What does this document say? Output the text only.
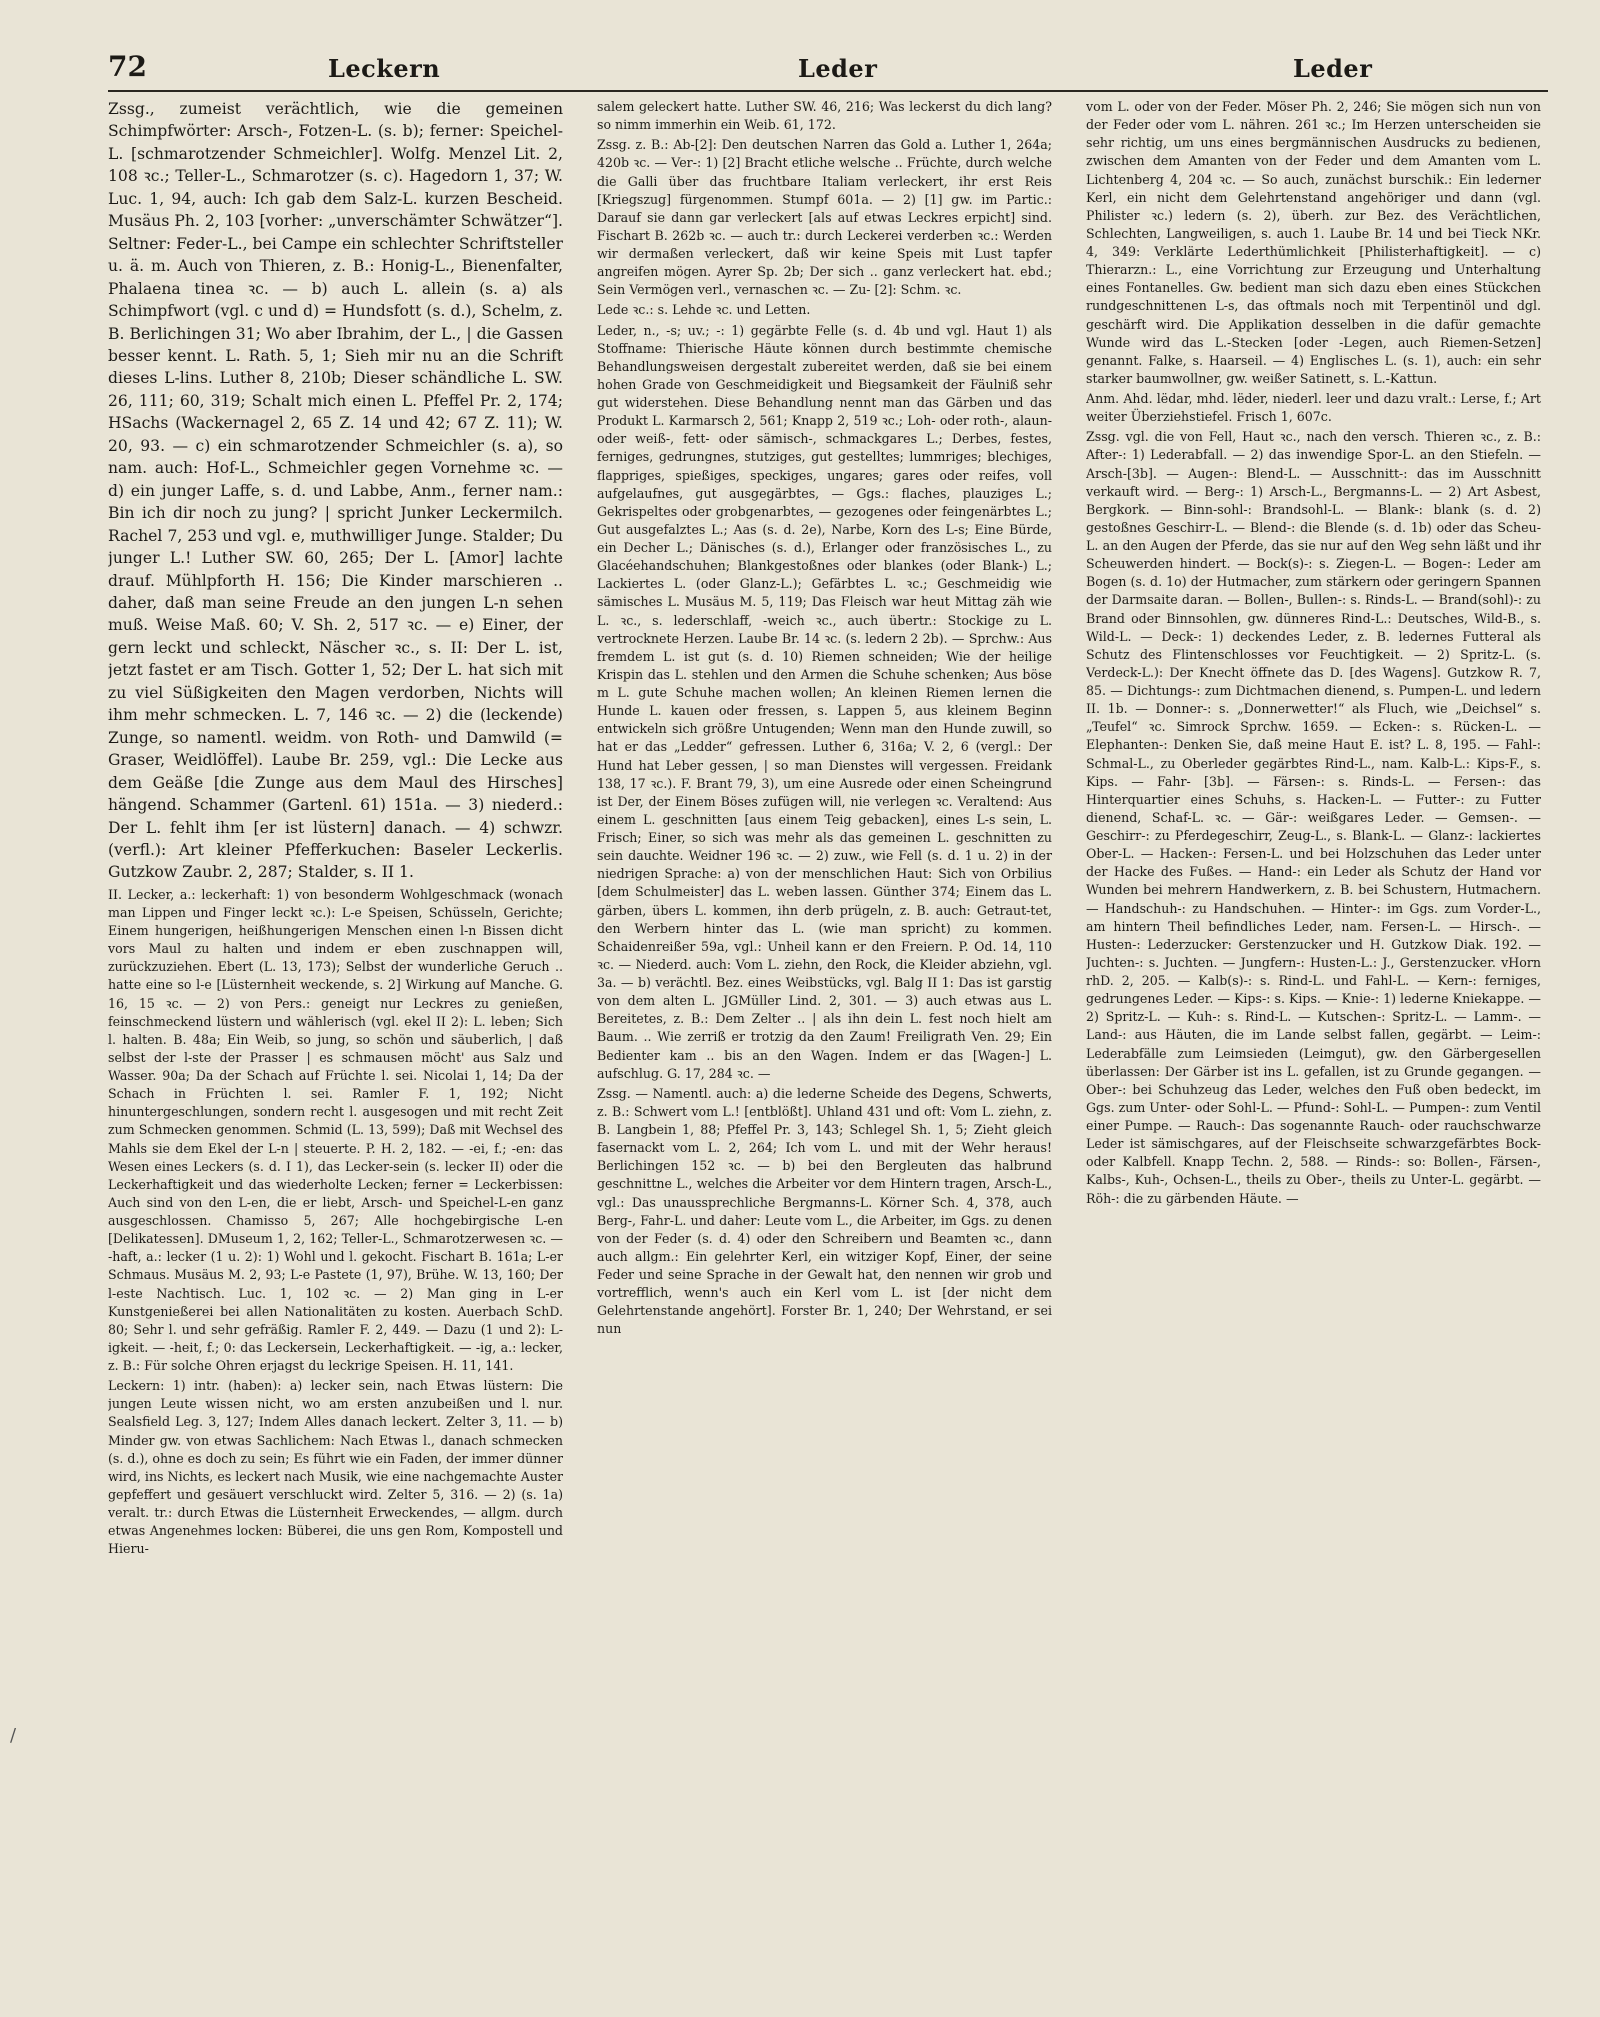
72	Leckern	Leder	Leder

Zssg., zumeist verächtlich, wie die gemeinen Schimpfwörter: Arsch-, Fotzen-L. (s. b); ferner: Speichel-L. [schmarotzender Schmeichler]. Wolfg. Menzel Lit. 2, 108 ꝛc.; Teller-L., Schmarotzer (s. c). Hagedorn 1, 37; W. Luc. 1, 94, auch: Ich gab dem Salz-L. kurzen Bescheid. Musäus Ph. 2, 103 [vorher: „unverschämter Schwätzer“]. Seltner: Feder-L., bei Campe ein schlechter Schriftsteller u. ä. m. Auch von Thieren, z. B.: Honig-L., Bienenfalter, Phalaena tinea ꝛc. — b) auch L. allein (s. a) als Schimpfwort (vgl. c und d) = Hundsfott (s. d.), Schelm, z. B. Berlichingen 31; Wo aber Ibrahim, der L., | die Gassen besser kennt. L. Rath. 5, 1; Sieh mir nu an die Schrift dieses L-lins. Luther 8, 210b; Dieser schändliche L. SW. 26, 111; 60, 319; Schalt mich einen L. Pfeffel Pr. 2, 174; HSachs (Wackernagel 2, 65 Z. 14 und 42; 67 Z. 11); W. 20, 93. — c) ein schmarotzender Schmeichler (s. a), so nam. auch: Hof-L., Schmeichler gegen Vornehme ꝛc. — d) ein junger Laffe, s. d. und Labbe, Anm., ferner nam.: Bin ich dir noch zu jung? | spricht Junker Leckermilch. Rachel 7, 253 und vgl. e, muthwilliger Junge. Stalder; Du junger L.! Luther SW. 60, 265; Der L. [Amor] lachte drauf. Mühlpforth H. 156; Die Kinder marschieren .. daher, daß man seine Freude an den jungen L-n sehen muß. Weise Maß. 60; V. Sh. 2, 517 ꝛc. — e) Einer, der gern leckt und schleckt, Näscher ꝛc., s. II: Der L. ist, jetzt fastet er am Tisch. Gotter 1, 52; Der L. hat sich mit zu viel Süßigkeiten den Magen verdorben, Nichts will ihm mehr schmecken. L. 7, 146 ꝛc. — 2) die (leckende) Zunge, so namentl. weidm. von Roth- und Damwild (= Graser, Weidlöffel). Laube Br. 259, vgl.: Die Lecke aus dem Geäße [die Zunge aus dem Maul des Hirsches] hängend. Schammer (Gartenl. 61) 151a. — 3) niederd.: Der L. fehlt ihm [er ist lüstern] danach. — 4) schwzr. (verfl.): Art kleiner Pfefferkuchen: Baseler Leckerlis. Gutzkow Zaubr. 2, 287; Stalder, s. II 1.

II. Lecker, a.: leckerhaft: 1) von besonderm Wohlgeschmack (wonach man Lippen und Finger leckt ꝛc.): L-e Speisen, Schüsseln, Gerichte; Einem hungerigen, heißhungerigen Menschen einen l-n Bissen dicht vors Maul zu halten und indem er eben zuschnappen will, zurückzuziehen. Ebert (L. 13, 173); Selbst der wunderliche Geruch .. hatte eine so l-e [Lüsternheit weckende, s. 2] Wirkung auf Manche. G. 16, 15 ꝛc. — 2) von Pers.: geneigt nur Leckres zu genießen, feinschmeckend lüstern und wählerisch (vgl. ekel II 2): L. leben; Sich l. halten. B. 48a; Ein Weib, so jung, so schön und säuberlich, | daß selbst der l-ste der Prasser | es schmausen möcht' aus Salz und Wasser. 90a; Da der Schach auf Früchte l. sei. Nicolai 1, 14; Da der Schach in Früchten l. sei. Ramler F. 1, 192; Nicht hinuntergeschlungen, sondern recht l. ausgesogen und mit recht Zeit zum Schmecken genommen. Schmid (L. 13, 599); Daß mit Wechsel des Mahls sie dem Ekel der L-n | steuerte. P. H. 2, 182. — -ei, f.; -en: das Wesen eines Leckers (s. d. I 1), das Lecker-sein (s. lecker II) oder die Leckerhaftigkeit und das wiederholte Lecken; ferner = Leckerbissen: Auch sind von den L-en, die er liebt, Arsch- und Speichel-L-en ganz ausgeschlossen. Chamisso 5, 267; Alle hochgebirgische L-en [Delikatessen]. DMuseum 1, 2, 162; Teller-L., Schmarotzerwesen ꝛc. — -haft, a.: lecker (1 u. 2): 1) Wohl und l. gekocht. Fischart B. 161a; L-er Schmaus. Musäus M. 2, 93; L-e Pastete (1, 97), Brühe. W. 13, 160; Der l-este Nachtisch. Luc. 1, 102 ꝛc. — 2) Man ging in L-er Kunstgenießerei bei allen Nationalitäten zu kosten. Auerbach SchD. 80; Sehr l. und sehr gefräßig. Ramler F. 2, 449. — Dazu (1 und 2): L-igkeit. — -heit, f.; 0: das Leckersein, Leckerhaftigkeit. — -ig, a.: lecker, z. B.: Für solche Ohren erjagst du leckrige Speisen. H. 11, 141.

Leckern: 1) intr. (haben): a) lecker sein, nach Etwas lüstern: Die jungen Leute wissen nicht, wo am ersten anzubeißen und l. nur. Sealsfield Leg. 3, 127; Indem Alles danach leckert. Zelter 3, 11. — b) Minder gw. von etwas Sachlichem: Nach Etwas l., danach schmecken (s. d.), ohne es doch zu sein; Es führt wie ein Faden, der immer dünner wird, ins Nichts, es leckert nach Musik, wie eine nachgemachte Auster gepfeffert und gesäuert verschluckt wird. Zelter 5, 316. — 2) (s. 1a) veralt. tr.: durch Etwas die Lüsternheit Erweckendes, — allgm. durch etwas Angenehmes locken: Büberei, die uns gen Rom, Kompostell und Hieru-

salem geleckert hatte. Luther SW. 46, 216; Was leckerst du dich lang? so nimm immerhin ein Weib. 61, 172.

Zssg. z. B.: Ab-[2]: Den deutschen Narren das Gold a. Luther 1, 264a; 420b ꝛc. — Ver-: 1) [2] Bracht etliche welsche .. Früchte, durch welche die Galli über das fruchtbare Italiam verleckert, ihr erst Reis [Kriegszug] fürgenommen. Stumpf 601a. — 2) [1] gw. im Partic.: Darauf sie dann gar verleckert [als auf etwas Leckres erpicht] sind. Fischart B. 262b ꝛc. — auch tr.: durch Leckerei verderben ꝛc.: Werden wir dermaßen verleckert, daß wir keine Speis mit Lust tapfer angreifen mögen. Ayrer Sp. 2b; Der sich .. ganz verleckert hat. ebd.; Sein Vermögen verl., vernaschen ꝛc. — Zu- [2]: Schm. ꝛc.

Lede ꝛc.: s. Lehde ꝛc. und Letten.

Leder, n., -s; uv.; -: 1) gegärbte Felle (s. d. 4b und vgl. Haut 1) als Stoffname: Thierische Häute können durch bestimmte chemische Behandlungsweisen dergestalt zubereitet werden, daß sie bei einem hohen Grade von Geschmeidigkeit und Biegsamkeit der Fäulniß sehr gut widerstehen. Diese Behandlung nennt man das Gärben und das Produkt L. Karmarsch 2, 561; Knapp 2, 519 ꝛc.; Loh- oder roth-, alaun- oder weiß-, fett- oder sämisch-, schmackgares L.; Derbes, festes, ferniges, gedrungnes, stutziges, gut gestelltes; lummriges; blechiges, flappriges, spießiges, speckiges, ungares; gares oder reifes, voll aufgelaufnes, gut ausgegärbtes, — Ggs.: flaches, plauziges L.; Gekrispeltes oder grobgenarbtes, — gezogenes oder feingenärbtes L.; Gut ausgefalztes L.; Aas (s. d. 2e), Narbe, Korn des L-s; Eine Bürde, ein Decher L.; Dänisches (s. d.), Erlanger oder französisches L., zu Glacéehandschuhen; Blankgestoßnes oder blankes (oder Blank-) L.; Lackiertes L. (oder Glanz-L.); Gefärbtes L. ꝛc.; Geschmeidig wie sämisches L. Musäus M. 5, 119; Das Fleisch war heut Mittag zäh wie L. ꝛc., s. lederschlaff, -weich ꝛc., auch übertr.: Stockige zu L. vertrocknete Herzen. Laube Br. 14 ꝛc. (s. ledern 2 2b). — Sprchw.: Aus fremdem L. ist gut (s. d. 10) Riemen schneiden; Wie der heilige Krispin das L. stehlen und den Armen die Schuhe schenken; Aus böse m L. gute Schuhe machen wollen; An kleinen Riemen lernen die Hunde L. kauen oder fressen, s. Lappen 5, aus kleinem Beginn entwickeln sich größre Untugenden; Wenn man den Hunde zuwill, so hat er das „Ledder“ gefressen. Luther 6, 316a; V. 2, 6 (vergl.: Der Hund hat Leber gessen, | so man Dienstes will vergessen. Freidank 138, 17 ꝛc.). F. Brant 79, 3), um eine Ausrede oder einen Scheingrund ist Der, der Einem Böses zufügen will, nie verlegen ꝛc. Veraltend: Aus einem L. geschnitten [aus einem Teig gebacken], eines L-s sein, L. Frisch; Einer, so sich was mehr als das gemeinen L. geschnitten zu sein dauchte. Weidner 196 ꝛc. — 2) zuw., wie Fell (s. d. 1 u. 2) in der niedrigen Sprache: a) von der menschlichen Haut: Sich von Orbilius [dem Schulmeister] das L. weben lassen. Günther 374; Einem das L. gärben, übers L. kommen, ihn derb prügeln, z. B. auch: Getraut-tet, den Werbern hinter das L. (wie man spricht) zu kommen. Schaidenreißer 59a, vgl.: Unheil kann er den Freiern. P. Od. 14, 110 ꝛc. — Niederd. auch: Vom L. ziehn, den Rock, die Kleider abziehn, vgl. 3a. — b) verächtl. Bez. eines Weibstücks, vgl. Balg II 1: Das ist garstig von dem alten L. JGMüller Lind. 2, 301. — 3) auch etwas aus L. Bereitetes, z. B.: Dem Zelter .. | als ihn dein L. fest noch hielt am Baum. .. Wie zerriß er trotzig da den Zaum! Freiligrath Ven. 29; Ein Bedienter kam .. bis an den Wagen. Indem er das [Wagen-] L. aufschlug. G. 17, 284 ꝛc. —

Zssg. — Namentl. auch: a) die lederne Scheide des Degens, Schwerts, z. B.: Schwert vom L.! [entblößt]. Uhland 431 und oft: Vom L. ziehn, z. B. Langbein 1, 88; Pfeffel Pr. 3, 143; Schlegel Sh. 1, 5; Zieht gleich fasernackt vom L. 2, 264; Ich vom L. und mit der Wehr heraus! Berlichingen 152 ꝛc. — b) bei den Bergleuten das halbrund geschnittne L., welches die Arbeiter vor dem Hintern tragen, Arsch-L., vgl.: Das unaussprechliche Bergmanns-L. Körner Sch. 4, 378, auch Berg-, Fahr-L. und daher: Leute vom L., die Arbeiter, im Ggs. zu denen von der Feder (s. d. 4) oder den Schreibern und Beamten ꝛc., dann auch allgm.: Ein gelehrter Kerl, ein witziger Kopf, Einer, der seine Feder und seine Sprache in der Gewalt hat, den nennen wir grob und vortrefflich, wenn's auch ein Kerl vom L. ist [der nicht dem Gelehrtenstande angehört]. Forster Br. 1, 240; Der Wehrstand, er sei nun

vom L. oder von der Feder. Möser Ph. 2, 246; Sie mögen sich nun von der Feder oder vom L. nähren. 261 ꝛc.; Im Herzen unterscheiden sie sehr richtig, um uns eines bergmännischen Ausdrucks zu bedienen, zwischen dem Amanten von der Feder und dem Amanten vom L. Lichtenberg 4, 204 ꝛc. — So auch, zunächst burschik.: Ein lederner Kerl, ein nicht dem Gelehrtenstand angehöriger und dann (vgl. Philister ꝛc.) ledern (s. 2), überh. zur Bez. des Verächtlichen, Schlechten, Langweiligen, s. auch 1. Laube Br. 14 und bei Tieck NKr. 4, 349: Verklärte Lederthümlichkeit [Philisterhaftigkeit]. — c) Thierarzn.: L., eine Vorrichtung zur Erzeugung und Unterhaltung eines Fontanelles. Gw. bedient man sich dazu eben eines Stückchen rundgeschnittenen L-s, das oftmals noch mit Terpentinöl und dgl. geschärft wird. Die Applikation desselben in die dafür gemachte Wunde wird das L.-Stecken [oder -Legen, auch Riemen-Setzen] genannt. Falke, s. Haarseil. — 4) Englisches L. (s. 1), auch: ein sehr starker baumwollner, gw. weißer Satinett, s. L.-Kattun.

Anm. Ahd. lëdar, mhd. lëder, niederl. leer und dazu vralt.: Lerse, f.; Art weiter Überziehstiefel. Frisch 1, 607c.

Zssg. vgl. die von Fell, Haut ꝛc., nach den versch. Thieren ꝛc., z. B.: After-: 1) Lederabfall. — 2) das inwendige Spor-L. an den Stiefeln. — Arsch-[3b]. — Augen-: Blend-L. — Ausschnitt-: das im Ausschnitt verkauft wird. — Berg-: 1) Arsch-L., Bergmanns-L. — 2) Art Asbest, Bergkork. — Binn-sohl-: Brandsohl-L. — Blank-: blank (s. d. 2) gestoßnes Geschirr-L. — Blend-: die Blende (s. d. 1b) oder das Scheu-L. an den Augen der Pferde, das sie nur auf den Weg sehn läßt und ihr Scheuwerden hindert. — Bock(s)-: s. Ziegen-L. — Bogen-: Leder am Bogen (s. d. 1o) der Hutmacher, zum stärkern oder geringern Spannen der Darmsaite daran. — Bollen-, Bullen-: s. Rinds-L. — Brand(sohl)-: zu Brand oder Binnsohlen, gw. dünneres Rind-L.: Deutsches, Wild-B., s. Wild-L. — Deck-: 1) deckendes Leder, z. B. ledernes Futteral als Schutz des Flintenschlosses vor Feuchtigkeit. — 2) Spritz-L. (s. Verdeck-L.): Der Knecht öffnete das D. [des Wagens]. Gutzkow R. 7, 85. — Dichtungs-: zum Dichtmachen dienend, s. Pumpen-L. und ledern II. 1b. — Donner-: s. „Donnerwetter!“ als Fluch, wie „Deichsel“ s. „Teufel“ ꝛc. Simrock Sprchw. 1659. — Ecken-: s. Rücken-L. — Elephanten-: Denken Sie, daß meine Haut E. ist? L. 8, 195. — Fahl-: Schmal-L., zu Oberleder gegärbtes Rind-L., nam. Kalb-L.: Kips-F., s. Kips. — Fahr- [3b]. — Färsen-: s. Rinds-L. — Fersen-: das Hinterquartier eines Schuhs, s. Hacken-L. — Futter-: zu Futter dienend, Schaf-L. ꝛc. — Gär-: weißgares Leder. — Gemsen-. — Geschirr-: zu Pferdegeschirr, Zeug-L., s. Blank-L. — Glanz-: lackiertes Ober-L. — Hacken-: Fersen-L. und bei Holzschuhen das Leder unter der Hacke des Fußes. — Hand-: ein Leder als Schutz der Hand vor Wunden bei mehrern Handwerkern, z. B. bei Schustern, Hutmachern. — Handschuh-: zu Handschuhen. — Hinter-: im Ggs. zum Vorder-L., am hintern Theil befindliches Leder, nam. Fersen-L. — Hirsch-. — Husten-: Lederzucker: Gerstenzucker und H. Gutzkow Diak. 192. — Juchten-: s. Juchten. — Jungfern-: Husten-L.: J., Gerstenzucker. vHorn rhD. 2, 205. — Kalb(s)-: s. Rind-L. und Fahl-L. — Kern-: ferniges, gedrungenes Leder. — Kips-: s. Kips. — Knie-: 1) lederne Kniekappe. — 2) Spritz-L. — Kuh-: s. Rind-L. — Kutschen-: Spritz-L. — Lamm-. — Land-: aus Häuten, die im Lande selbst fallen, gegärbt. — Leim-: Lederabfälle zum Leimsieden (Leimgut), gw. den Gärbergesellen überlassen: Der Gärber ist ins L. gefallen, ist zu Grunde gegangen. — Ober-: bei Schuhzeug das Leder, welches den Fuß oben bedeckt, im Ggs. zum Unter- oder Sohl-L. — Pfund-: Sohl-L. — Pumpen-: zum Ventil einer Pumpe. — Rauch-: Das sogenannte Rauch- oder rauchschwarze Leder ist sämischgares, auf der Fleischseite schwarzgefärbtes Bock- oder Kalbfell. Knapp Techn. 2, 588. — Rinds-: so: Bollen-, Färsen-, Kalbs-, Kuh-, Ochsen-L., theils zu Ober-, theils zu Unter-L. gegärbt. — Röh-: die zu gärbenden Häute. —

/
